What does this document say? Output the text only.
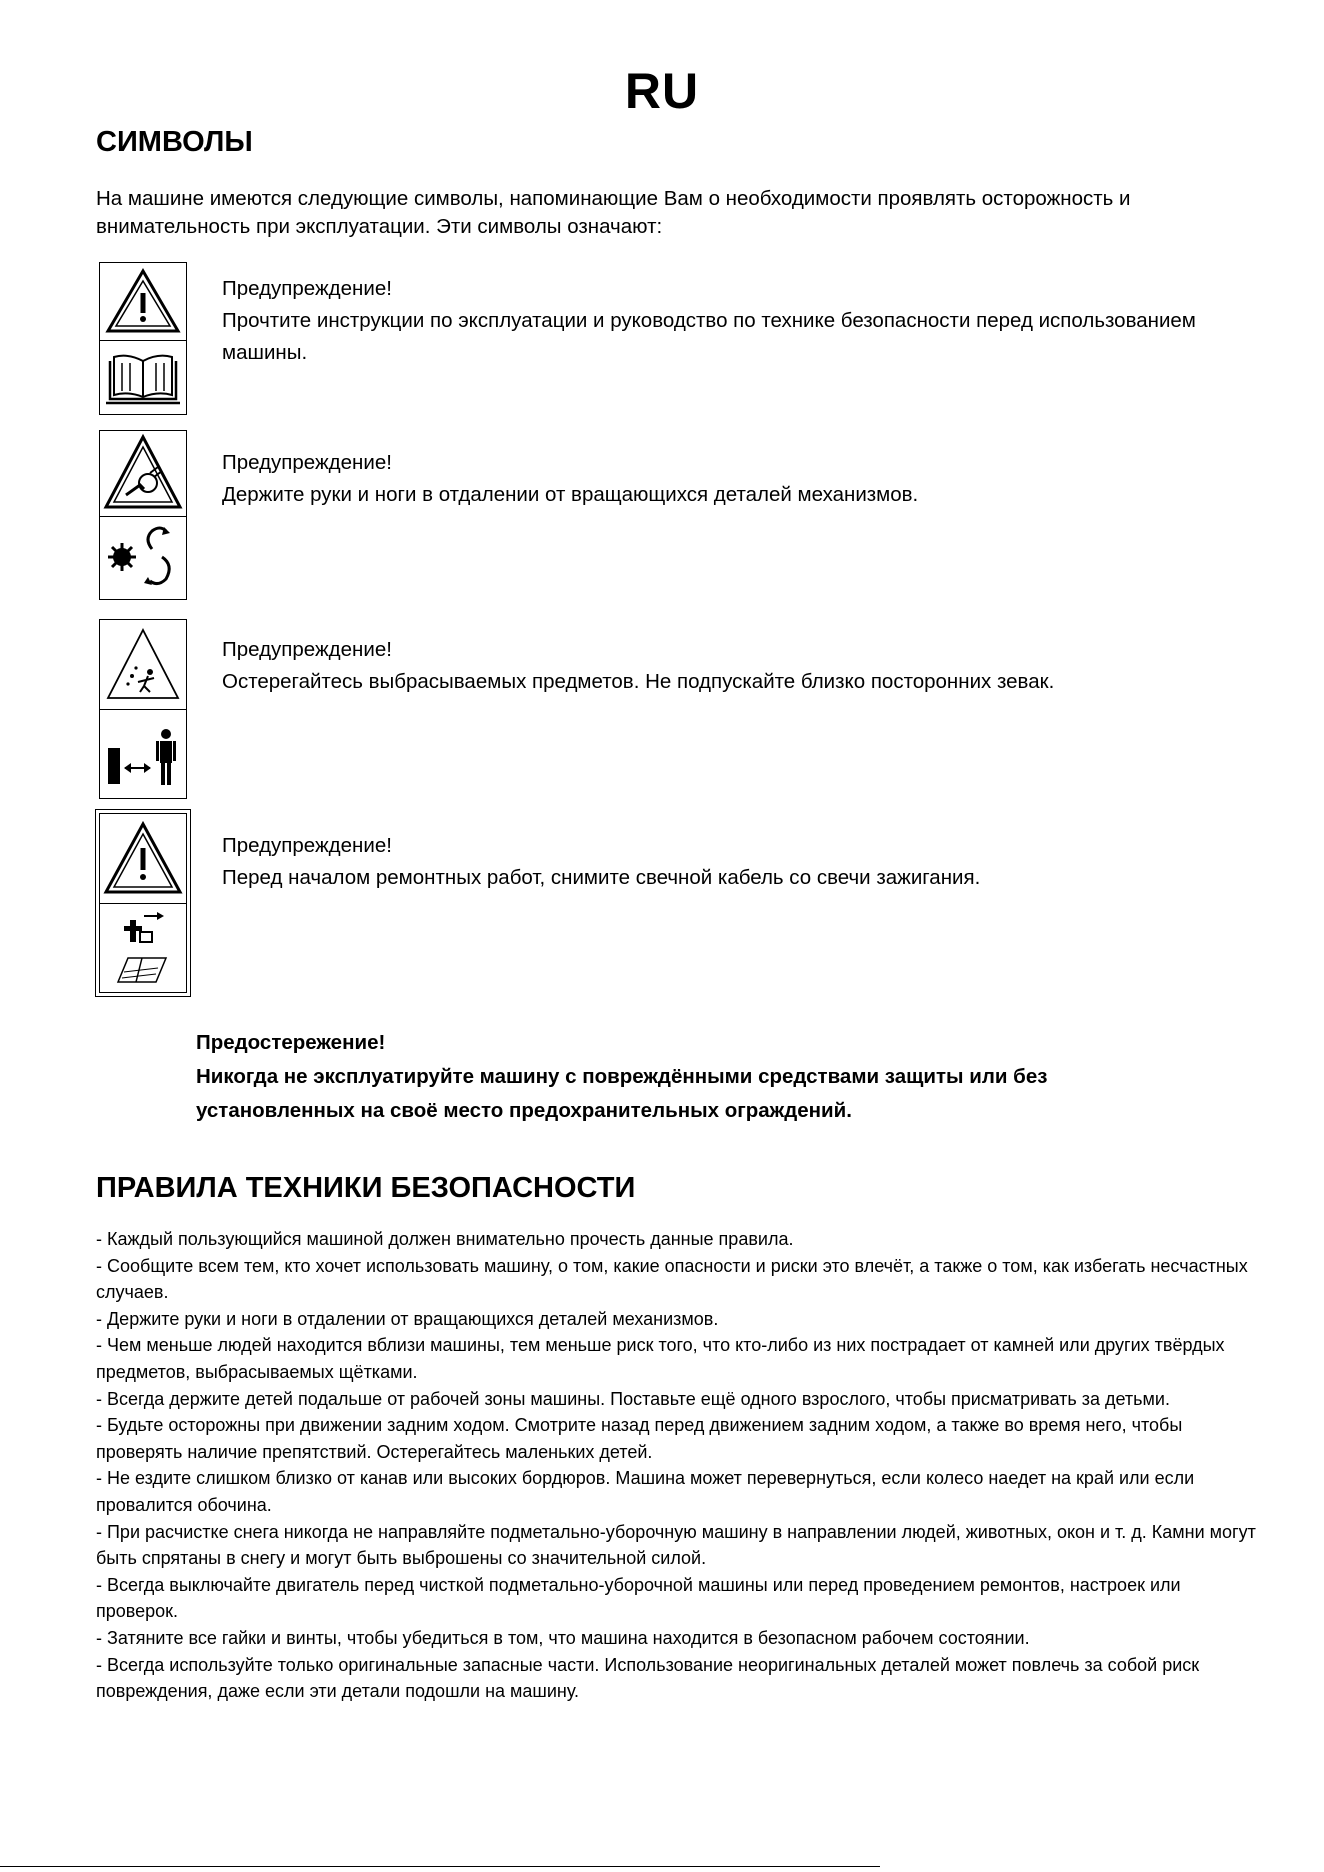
RU
СИМВОЛЫ
На машине имеются следующие символы, напоминающие Вам о необходимости проявлять осторожность и внимательность при эксплуатации. Эти символы означают:
Предупреждение!
Прочтите инструкции по эксплуатации и руководство по технике безопасности перед использованием машины.
Предупреждение!
Держите руки и ноги в отдалении от вращающихся деталей механизмов.
Предупреждение!
Остерегайтесь выбрасываемых предметов. Не подпускайте близко посторонних зевак.
Предупреждение!
Перед началом ремонтных работ, снимите свечной кабель со свечи зажигания.
Предостережение!
Никогда не эксплуатируйте машину с повреждёнными средствами защиты или без
установленных на своё место предохранительных ограждений.
ПРАВИЛА ТЕХНИКИ БЕЗОПАСНОСТИ

- Каждый пользующийся машиной должен внимательно прочесть данные правила.

- Сообщите всем тем, кто хочет использовать машину, о том, какие опасности и риски это влечёт, а также о том, как избегать несчастных случаев.

- Держите руки и ноги в отдалении от вращающихся деталей механизмов.

- Чем меньше людей находится вблизи машины, тем меньше риск того, что кто-либо из них пострадает от камней или других твёрдых предметов, выбрасываемых щётками.

- Всегда держите детей подальше от рабочей зоны машины. Поставьте ещё одного взрослого, чтобы присматривать за детьми.

- Будьте осторожны при движении задним ходом. Смотрите назад перед движением задним ходом, а также во время него, чтобы проверять наличие препятствий. Остерегайтесь маленьких детей.

- Не ездите слишком близко от канав или высоких бордюров. Машина может перевернуться, если колесо наедет на край или если провалится обочина.

- При расчистке снега никогда не направляйте подметально-уборочную машину в направлении людей, животных, окон и т. д. Камни могут быть спрятаны в снегу и могут быть выброшены со значительной силой.

- Всегда выключайте двигатель перед чисткой подметально-уборочной машины или перед проведением ремонтов, настроек или проверок.

- Затяните все гайки и винты, чтобы убедиться в том, что машина находится в безопасном рабочем состоянии.

- Всегда используйте только оригинальные запасные части. Использование неоригинальных деталей может повлечь за собой риск повреждения, даже если эти детали подошли на машину.
